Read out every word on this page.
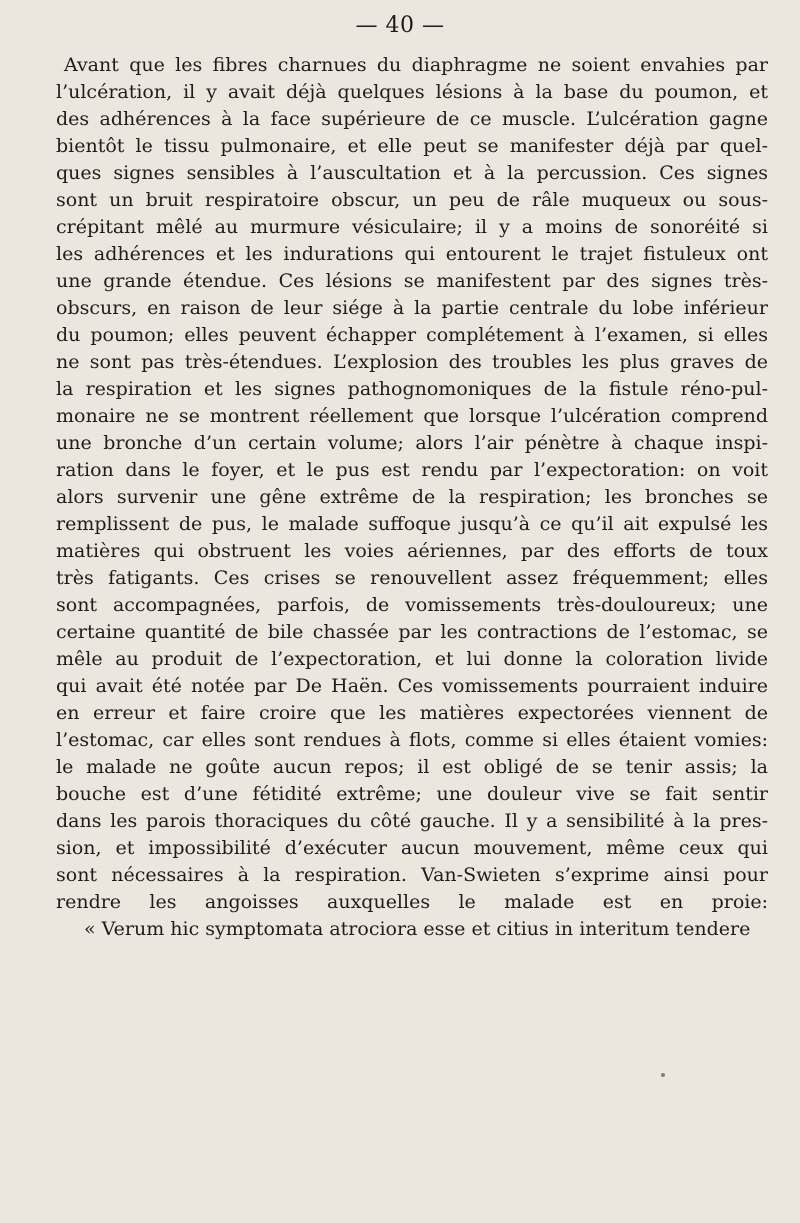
— 40 —
Avant que les fibres charnues du diaphragme ne soient envahies par
l’ulcération, il y avait déjà quelques lésions à la base du poumon, et
des adhérences à la face supérieure de ce muscle. L’ulcération gagne
bientôt le tissu pulmonaire, et elle peut se manifester déjà par quel-
ques signes sensibles à l’auscultation et à la percussion. Ces signes
sont un bruit respiratoire obscur, un peu de râle muqueux ou sous-
crépitant mêlé au murmure vésiculaire; il y a moins de sonoréité si
les adhérences et les indurations qui entourent le trajet fistuleux ont
une grande étendue. Ces lésions se manifestent par des signes très-
obscurs, en raison de leur siége à la partie centrale du lobe inférieur
du poumon; elles peuvent échapper complétement à l’examen, si elles
ne sont pas très-étendues. L’explosion des troubles les plus graves de
la respiration et les signes pathognomoniques de la fistule réno-pul-
monaire ne se montrent réellement que lorsque l’ulcération comprend
une bronche d’un certain volume; alors l’air pénètre à chaque inspi-
ration dans le foyer, et le pus est rendu par l’expectoration: on voit
alors survenir une gêne extrême de la respiration; les bronches se
remplissent de pus, le malade suffoque jusqu’à ce qu’il ait expulsé les
matières qui obstruent les voies aériennes, par des efforts de toux
très fatigants. Ces crises se renouvellent assez fréquemment; elles
sont accompagnées, parfois, de vomissements très-douloureux; une
certaine quantité de bile chassée par les contractions de l’estomac, se
mêle au produit de l’expectoration, et lui donne la coloration livide
qui avait été notée par De Haën. Ces vomissements pourraient induire
en erreur et faire croire que les matières expectorées viennent de
l’estomac, car elles sont rendues à flots, comme si elles étaient vomies:
le malade ne goûte aucun repos; il est obligé de se tenir assis; la
bouche est d’une fétidité extrême; une douleur vive se fait sentir
dans les parois thoraciques du côté gauche. Il y a sensibilité à la pres-
sion, et impossibilité d’exécuter aucun mouvement, même ceux qui
sont nécessaires à la respiration. Van-Swieten s’exprime ainsi pour
rendre les angoisses auxquelles le malade est en proie:
« Verum hic symptomata atrociora esse et citius in interitum tendere
